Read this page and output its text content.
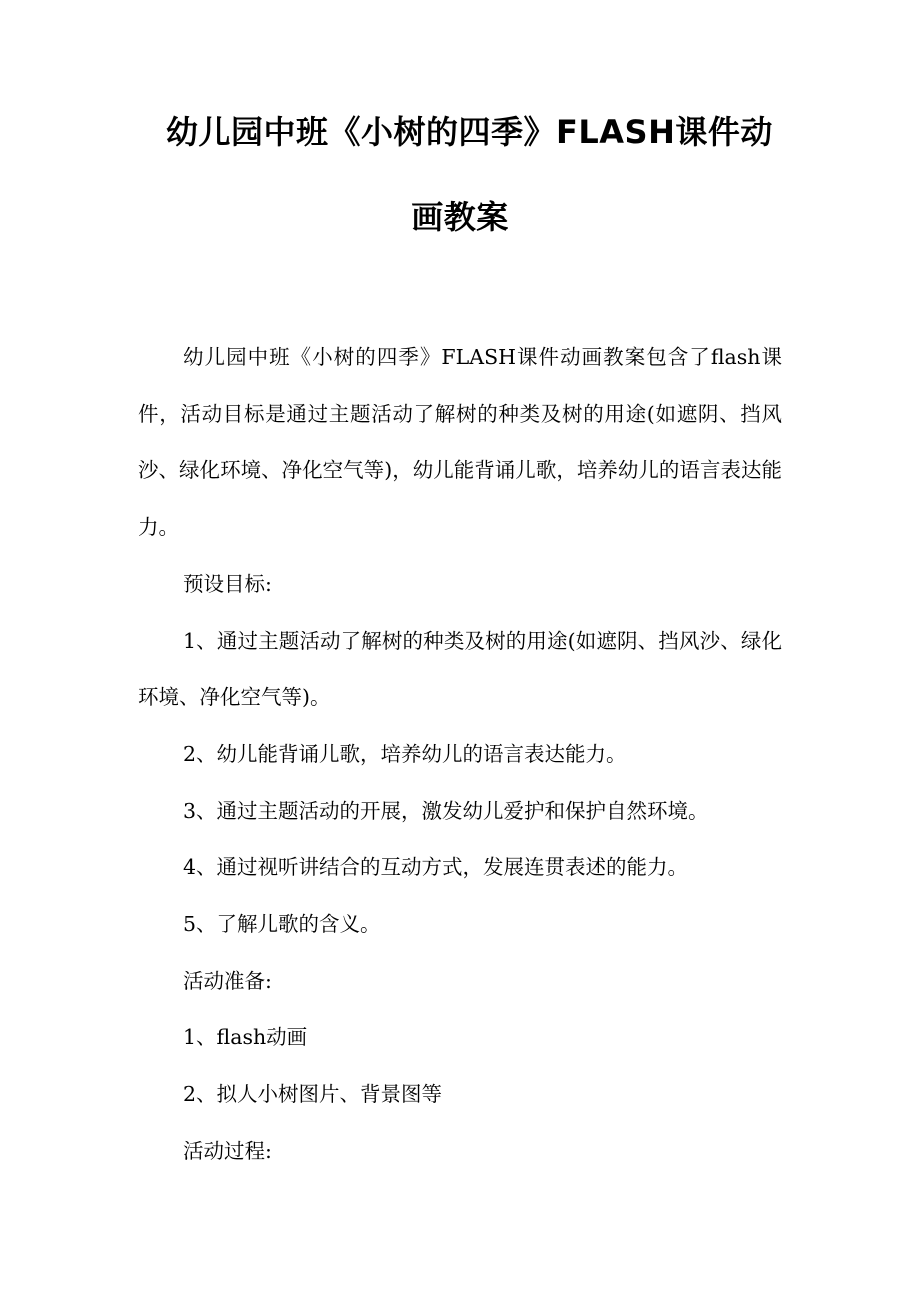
幼儿园中班《小树的四季》FLASH课件动
画教案

幼儿园中班《小树的四季》FLASH课件动画教案包含了flash课件，活动目标是通过主题活动了解树的种类及树的用途(如遮阴、挡风沙、绿化环境、净化空气等)，幼儿能背诵儿歌，培养幼儿的语言表达能力。

预设目标:

1、通过主题活动了解树的种类及树的用途(如遮阴、挡风沙、绿化环境、净化空气等)。

2、幼儿能背诵儿歌，培养幼儿的语言表达能力。

3、通过主题活动的开展，激发幼儿爱护和保护自然环境。

4、通过视听讲结合的互动方式，发展连贯表述的能力。

5、了解儿歌的含义。

活动准备:

1、flash动画

2、拟人小树图片、背景图等

活动过程:
